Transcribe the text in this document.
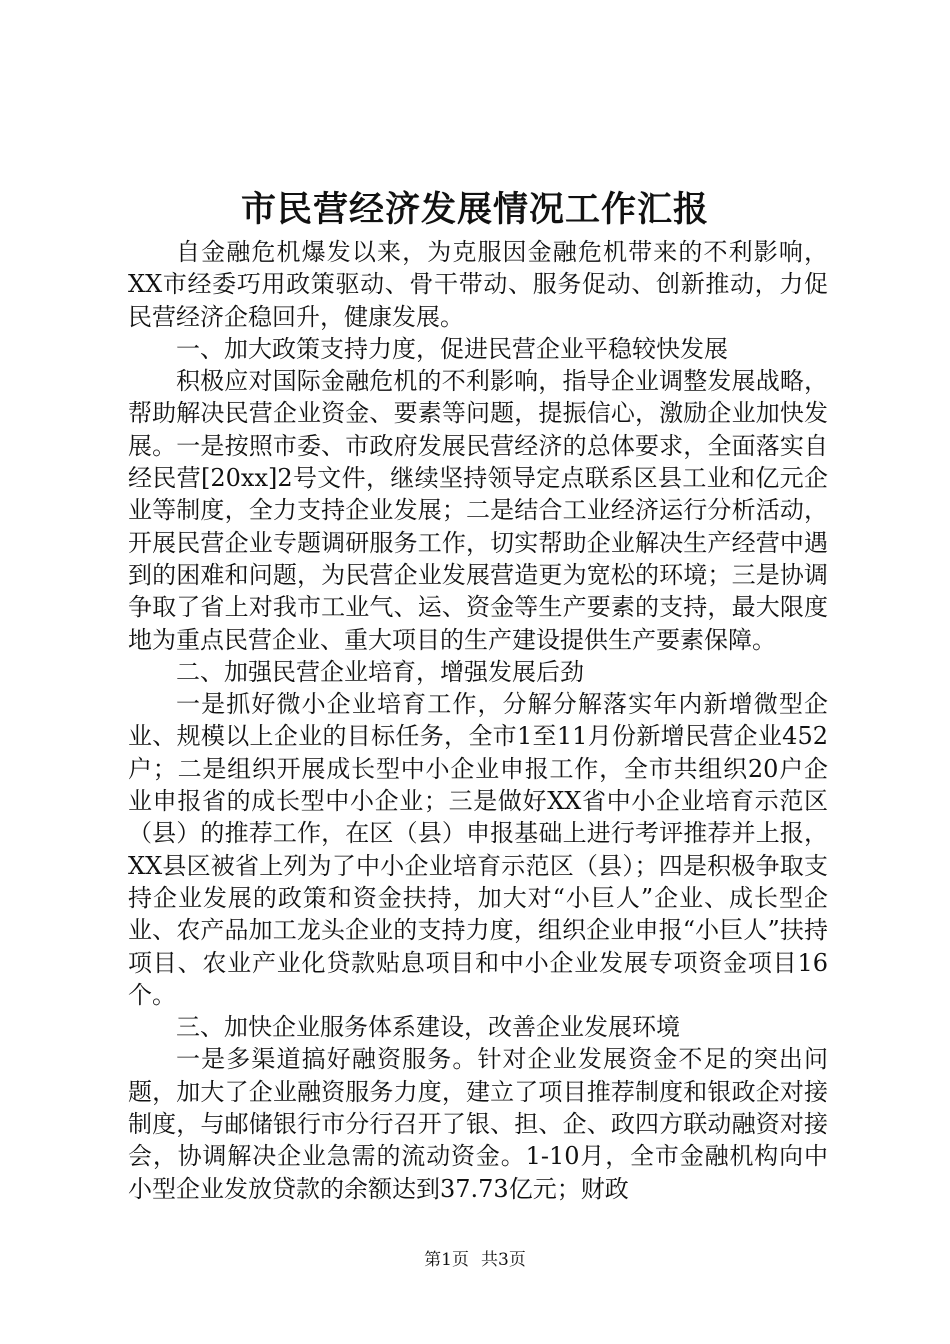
市民营经济发展情况工作汇报

自金融危机爆发以来，为克服因金融危机带来的不利影响，XX市经委巧用政策驱动、骨干带动、服务促动、创新推动，力促民营经济企稳回升，健康发展。

一、加大政策支持力度，促进民营企业平稳较快发展

积极应对国际金融危机的不利影响，指导企业调整发展战略，帮助解决民营企业资金、要素等问题，提振信心，激励企业加快发展。一是按照市委、市政府发展民营经济的总体要求，全面落实自经民营[20xx]2号文件，继续坚持领导定点联系区县工业和亿元企业等制度，全力支持企业发展；二是结合工业经济运行分析活动，开展民营企业专题调研服务工作，切实帮助企业解决生产经营中遇到的困难和问题，为民营企业发展营造更为宽松的环境；三是协调争取了省上对我市工业气、运、资金等生产要素的支持，最大限度地为重点民营企业、重大项目的生产建设提供生产要素保障。

二、加强民营企业培育，增强发展后劲

一是抓好微小企业培育工作，分解分解落实年内新增微型企业、规模以上企业的目标任务，全市1至11月份新增民营企业452户；二是组织开展成长型中小企业申报工作，全市共组织20户企业申报省的成长型中小企业；三是做好XX省中小企业培育示范区（县）的推荐工作，在区（县）申报基础上进行考评推荐并上报，XX县区被省上列为了中小企业培育示范区（县）；四是积极争取支持企业发展的政策和资金扶持，加大对“小巨人”企业、成长型企业、农产品加工龙头企业的支持力度，组织企业申报“小巨人”扶持项目、农业产业化贷款贴息项目和中小企业发展专项资金项目16个。

三、加快企业服务体系建设，改善企业发展环境

一是多渠道搞好融资服务。针对企业发展资金不足的突出问题，加大了企业融资服务力度，建立了项目推荐制度和银政企对接制度，与邮储银行市分行召开了银、担、企、政四方联动融资对接会，协调解决企业急需的流动资金。1-10月，全市金融机构向中小型企业发放贷款的余额达到37.73亿元；财政

第1页 共3页
